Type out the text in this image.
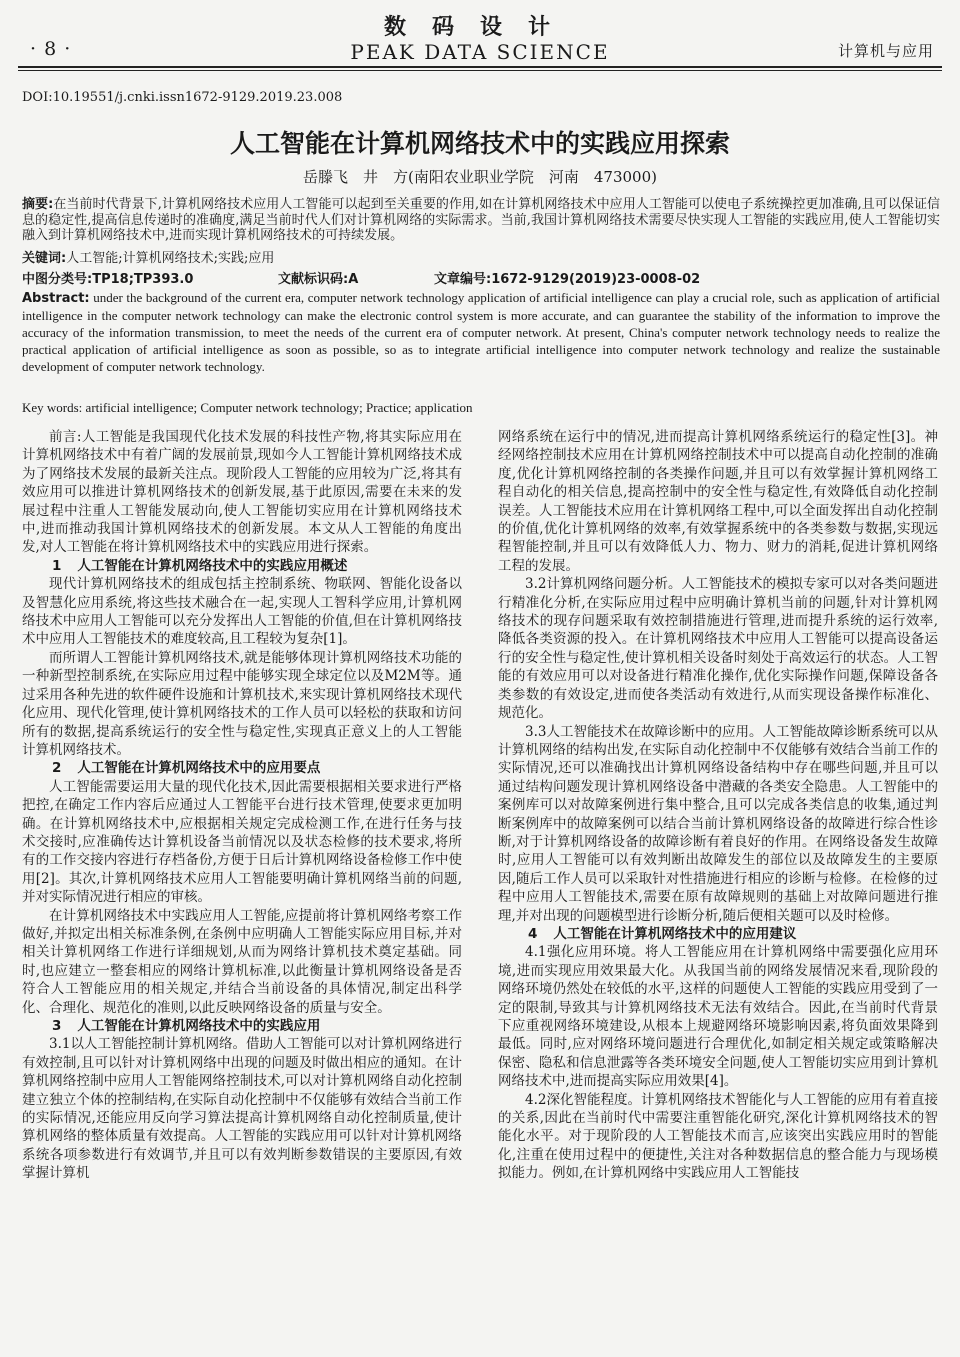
· 8 ·
数码设计
PEAK DATA SCIENCE	计算机与应用
DOI:10.19551/j.cnki.issn1672-9129.2019.23.008
人工智能在计算机网络技术中的实践应用探索
岳滕飞　井　方(南阳农业职业学院　河南　473000)
摘要:在当前时代背景下,计算机网络技术应用人工智能可以起到至关重要的作用,如在计算机网络技术中应用人工智能可以使电子系统操控更加准确,且可以保证信息的稳定性,提高信息传递时的准确度,满足当前时代人们对计算机网络的实际需求。当前,我国计算机网络技术需要尽快实现人工智能的实践应用,使人工智能切实融入到计算机网络技术中,进而实现计算机网络技术的可持续发展。
关键词:人工智能;计算机网络技术;实践;应用
中图分类号:TP18;TP393.0	文献标识码:A	文章编号:1672-9129(2019)23-0008-02
Abstract: under the background of the current era, computer network technology application of artificial intelligence can play a crucial role, such as application of artificial intelligence in the computer network technology can make the electronic control system is more accurate, and can guarantee the stability of the information to improve the accuracy of the information transmission, to meet the needs of the current era of computer network. At present, China's computer network technology needs to realize the practical application of artificial intelligence as soon as possible, so as to integrate artificial intelligence into computer network technology and realize the sustainable development of computer network technology.
Key words: artificial intelligence; Computer network technology; Practice; application

前言:人工智能是我国现代化技术发展的科技性产物,将其实际应用在计算机网络技术中有着广阔的发展前景,现如今人工智能计算机网络技术成为了网络技术发展的最新关注点。现阶段人工智能的应用较为广泛,将其有效应用可以推进计算机网络技术的创新发展,基于此原因,需要在未来的发展过程中注重人工智能发展动向,使人工智能切实应用在计算机网络技术中,进而推动我国计算机网络技术的创新发展。本文从人工智能的角度出发,对人工智能在将计算机网络技术中的实践应用进行探索。

1 人工智能在计算机网络技术中的实践应用概述

现代计算机网络技术的组成包括主控制系统、物联网、智能化设备以及智慧化应用系统,将这些技术融合在一起,实现人工智科学应用,计算机网络技术中应用人工智能可以充分发挥出人工智能的价值,但在计算机网络技术中应用人工智能技术的难度较高,且工程较为复杂[1]。

而所谓人工智能计算机网络技术,就是能够体现计算机网络技术功能的一种新型控制系统,在实际应用过程中能够实现全球定位以及M2M等。通过采用各种先进的软件硬件设施和计算机技术,来实现计算机网络技术现代化应用、现代化管理,使计算机网络技术的工作人员可以轻松的获取和访问所有的数据,提高系统运行的安全性与稳定性,实现真正意义上的人工智能计算机网络技术。

2 人工智能在计算机网络技术中的应用要点

人工智能需要运用大量的现代化技术,因此需要根据相关要求进行严格把控,在确定工作内容后应通过人工智能平台进行技术管理,使要求更加明确。在计算机网络技术中,应根据相关规定完成检测工作,在进行任务与技术交接时,应准确传达计算机设备当前情况以及状态检修的技术要求,将所有的工作交接内容进行存档备份,方便于日后计算机网络设备检修工作中使用[2]。其次,计算机网络技术应用人工智能要明确计算机网络当前的问题,并对实际情况进行相应的审核。

在计算机网络技术中实践应用人工智能,应提前将计算机网络考察工作做好,并拟定出相关标准条例,在条例中应明确人工智能实际应用目标,并对相关计算机网络工作进行详细规划,从而为网络计算机技术奠定基础。同时,也应建立一整套相应的网络计算机标准,以此衡量计算机网络设备是否符合人工智能应用的相关规定,并结合当前设备的具体情况,制定出科学化、合理化、规范化的准则,以此反映网络设备的质量与安全。

3 人工智能在计算机网络技术中的实践应用

3.1以人工智能控制计算机网络。借助人工智能可以对计算机网络进行有效控制,且可以针对计算机网络中出现的问题及时做出相应的通知。在计算机网络控制中应用人工智能网络控制技术,可以对计算机网络自动化控制建立独立个体的控制结构,在实际自动化控制中不仅能够有效结合当前工作的实际情况,还能应用反向学习算法提高计算机网络自动化控制质量,使计算机网络的整体质量有效提高。人工智能的实践应用可以针对计算机网络系统各项参数进行有效调节,并且可以有效判断参数错误的主要原因,有效掌握计算机

网络系统在运行中的情况,进而提高计算机网络系统运行的稳定性[3]。神经网络控制技术应用在计算机网络控制技术中可以提高自动化控制的准确度,优化计算机网络控制的各类操作问题,并且可以有效掌握计算机网络工程自动化的相关信息,提高控制中的安全性与稳定性,有效降低自动化控制误差。人工智能技术应用在计算机网络工程中,可以全面发挥出自动化控制的价值,优化计算机网络的效率,有效掌握系统中的各类参数与数据,实现远程智能控制,并且可以有效降低人力、物力、财力的消耗,促进计算机网络工程的发展。

3.2计算机网络问题分析。人工智能技术的模拟专家可以对各类问题进行精准化分析,在实际应用过程中应明确计算机当前的问题,针对计算机网络技术的现存问题采取有效控制措施进行管理,进而提升系统的运行效率,降低各类资源的投入。在计算机网络技术中应用人工智能可以提高设备运行的安全性与稳定性,使计算机相关设备时刻处于高效运行的状态。人工智能的有效应用可以对设备进行精准化操作,优化实际操作问题,保障设备各类参数的有效设定,进而使各类活动有效进行,从而实现设备操作标准化、规范化。

3.3人工智能技术在故障诊断中的应用。人工智能故障诊断系统可以从计算机网络的结构出发,在实际自动化控制中不仅能够有效结合当前工作的实际情况,还可以准确找出计算机网络设备结构中存在哪些问题,并且可以通过结构问题发现计算机网络设备中潜藏的各类安全隐患。人工智能中的案例库可以对故障案例进行集中整合,且可以完成各类信息的收集,通过判断案例库中的故障案例可以结合当前计算机网络设备的故障进行综合性诊断,对于计算机网络设备的故障诊断有着良好的作用。在网络设备发生故障时,应用人工智能可以有效判断出故障发生的部位以及故障发生的主要原因,随后工作人员可以采取针对性措施进行相应的诊断与检修。在检修的过程中应用人工智能技术,需要在原有故障规则的基础上对故障问题进行推理,并对出现的问题模型进行诊断分析,随后便相关题可以及时检修。

4 人工智能在计算机网络技术中的应用建议

4.1强化应用环境。将人工智能应用在计算机网络中需要强化应用环境,进而实现应用效果最大化。从我国当前的网络发展情况来看,现阶段的网络环境仍然处在较低的水平,这样的问题使人工智能的实践应用受到了一定的限制,导致其与计算机网络技术无法有效结合。因此,在当前时代背景下应重视网络环境建设,从根本上规避网络环境影响因素,将负面效果降到最低。同时,应对网络环境问题进行合理优化,如制定相关规定或策略解决保密、隐私和信息泄露等各类环境安全问题,使人工智能切实应用到计算机网络技术中,进而提高实际应用效果[4]。

4.2深化智能程度。计算机网络技术智能化与人工智能的应用有着直接的关系,因此在当前时代中需要注重智能化研究,深化计算机网络技术的智能化水平。对于现阶段的人工智能技术而言,应该突出实践应用时的智能化,注重在使用过程中的便捷性,关注对各种数据信息的整合能力与现场模拟能力。例如,在计算机网络中实践应用人工智能技
